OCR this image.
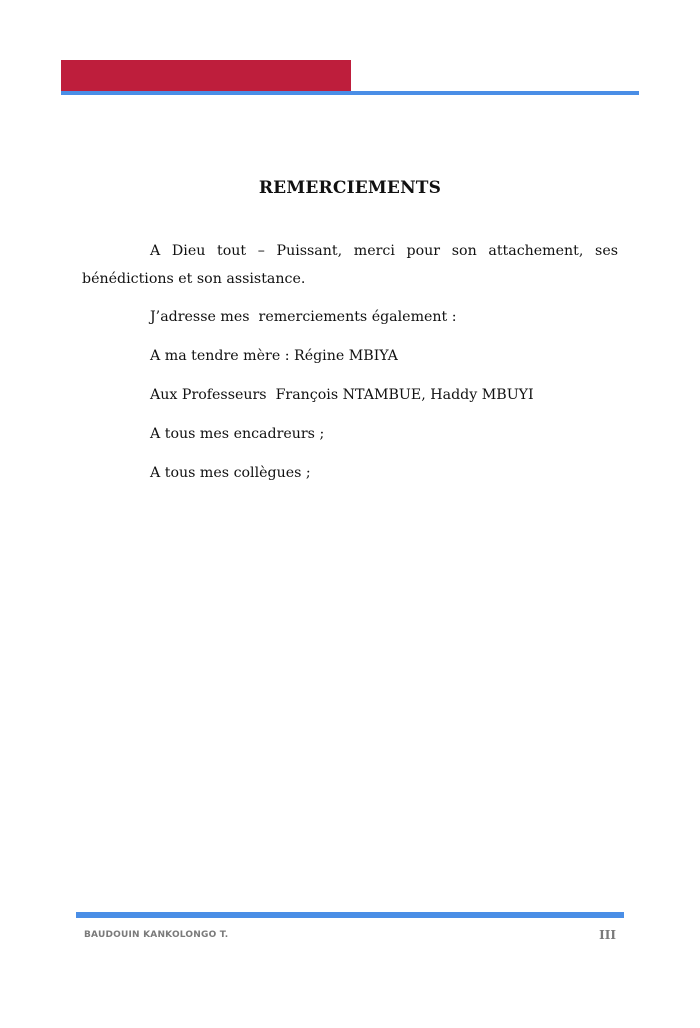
REMERCIEMENTS

A Dieu tout – Puissant, merci pour son attachement, ses bénédictions et son assistance.

J’adresse mes  remerciements également :

A ma tendre mère : Régine MBIYA

Aux Professeurs  François NTAMBUE, Haddy MBUYI

A tous mes encadreurs ;

A tous mes collègues ;

BAUDOUIN KANKOLONGO T.	III
